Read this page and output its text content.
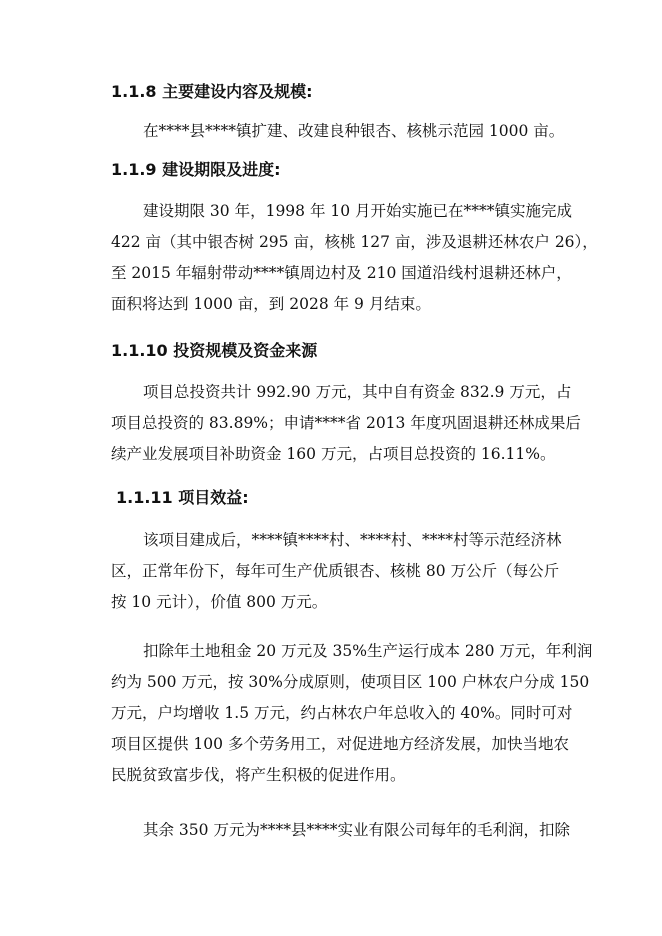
1.1.8 主要建设内容及规模:
在****县****镇扩建、改建良种银杏、核桃示范园 1000 亩。
1.1.9 建设期限及进度:
建设期限 30 年，1998 年 10 月开始实施已在****镇实施完成
422 亩（其中银杏树 295 亩，核桃 127 亩，涉及退耕还林农户 26），
至 2015 年辐射带动****镇周边村及 210 国道沿线村退耕还林户，
面积将达到 1000 亩，到 2028 年 9 月结束。
1.1.10 投资规模及资金来源
项目总投资共计 992.90 万元，其中自有资金 832.9 万元，占
项目总投资的 83.89%；申请****省 2013 年度巩固退耕还林成果后
续产业发展项目补助资金 160 万元，占项目总投资的 16.11%。
1.1.11 项目效益:
该项目建成后，****镇****村、****村、****村等示范经济林
区，正常年份下，每年可生产优质银杏、核桃 80 万公斤（每公斤
按 10 元计），价值 800 万元。
扣除年土地租金 20 万元及 35%生产运行成本 280 万元，年利润
约为 500 万元，按 30%分成原则，使项目区 100 户林农户分成 150
万元，户均增收 1.5 万元，约占林农户年总收入的 40%。同时可对
项目区提供 100 多个劳务用工，对促进地方经济发展，加快当地农
民脱贫致富步伐，将产生积极的促进作用。
其余 350 万元为****县****实业有限公司每年的毛利润，扣除
